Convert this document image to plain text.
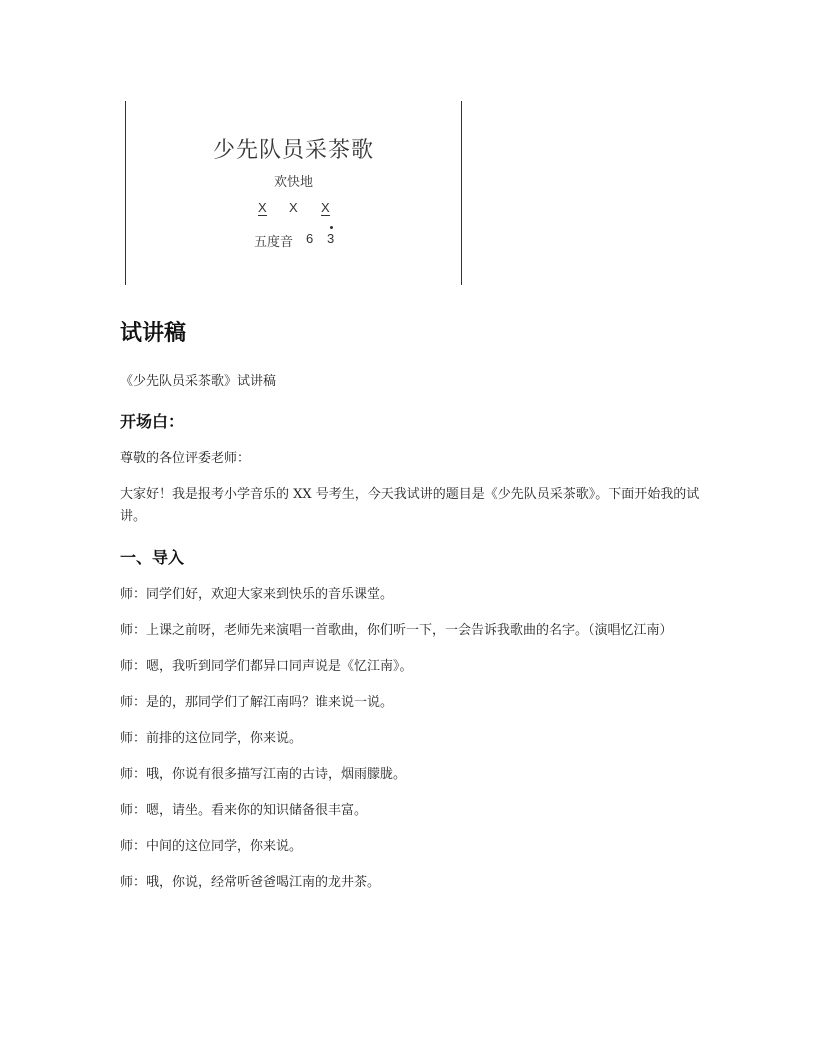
少先队员采茶歌
欢快地
X X X
五度音 6 3
试讲稿
《少先队员采茶歌》试讲稿
开场白：

尊敬的各位评委老师：

大家好！我是报考小学音乐的 XX 号考生，今天我试讲的题目是《少先队员采茶歌》。下面开始我的试讲。

一、导入

师：同学们好，欢迎大家来到快乐的音乐课堂。

师：上课之前呀，老师先来演唱一首歌曲，你们听一下，一会告诉我歌曲的名字。（演唱忆江南）

师：嗯，我听到同学们都异口同声说是《忆江南》。

师：是的，那同学们了解江南吗？谁来说一说。

师：前排的这位同学，你来说。

师：哦，你说有很多描写江南的古诗，烟雨朦胧。

师：嗯，请坐。看来你的知识储备很丰富。

师：中间的这位同学，你来说。

师：哦，你说，经常听爸爸喝江南的龙井茶。
